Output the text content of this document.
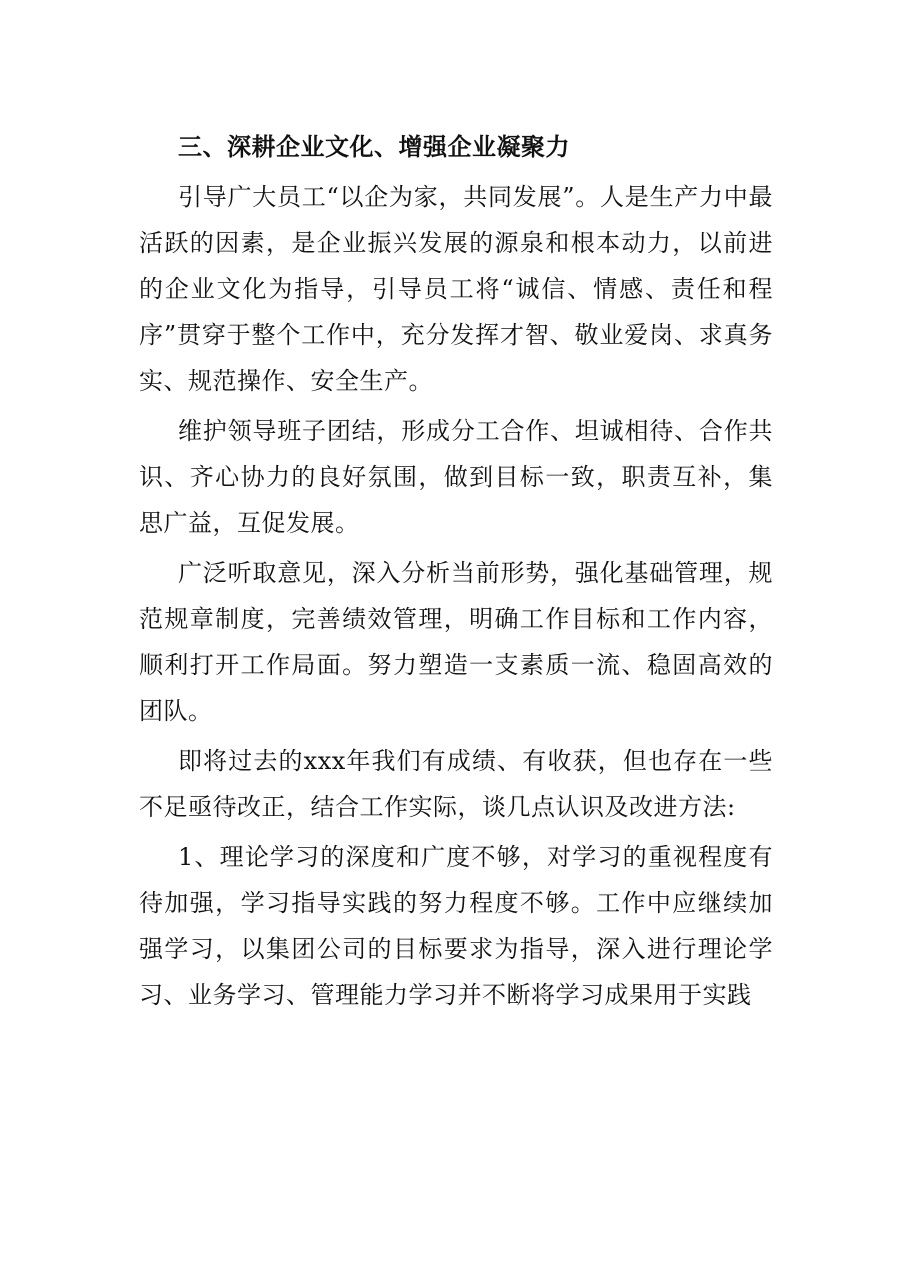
三、深耕企业文化、增强企业凝聚力

引导广大员工“以企为家，共同发展”。人是生产力中最活跃的因素，是企业振兴发展的源泉和根本动力，以前进的企业文化为指导，引导员工将“诚信、情感、责任和程序”贯穿于整个工作中，充分发挥才智、敬业爱岗、求真务实、规范操作、安全生产。

维护领导班子团结，形成分工合作、坦诚相待、合作共识、齐心协力的良好氛围，做到目标一致，职责互补，集思广益，互促发展。

广泛听取意见，深入分析当前形势，强化基础管理，规范规章制度，完善绩效管理，明确工作目标和工作内容，顺利打开工作局面。努力塑造一支素质一流、稳固高效的团队。

即将过去的xxx年我们有成绩、有收获，但也存在一些不足亟待改正，结合工作实际，谈几点认识及改进方法:

1、理论学习的深度和广度不够，对学习的重视程度有待加强，学习指导实践的努力程度不够。工作中应继续加强学习，以集团公司的目标要求为指导，深入进行理论学习、业务学习、管理能力学习并不断将学习成果用于实践
